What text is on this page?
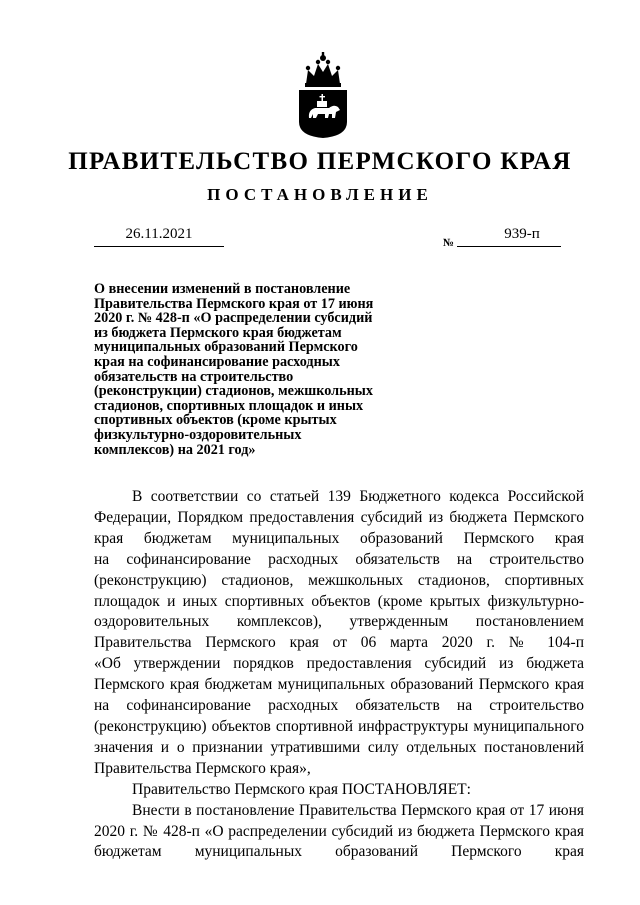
ПРАВИТЕЛЬСТВО ПЕРМСКОГО КРАЯ
ПОСТАНОВЛЕНИЕ
26.11.2021
№
939-п
О внесении изменений в постановление
Правительства Пермского края от 17 июня
2020 г. № 428-п «О распределении субсидий
из бюджета Пермского края бюджетам
муниципальных образований Пермского
края на софинансирование расходных
обязательств на строительство
(реконструкции) стадионов, межшкольных
стадионов, спортивных площадок и иных
спортивных объектов (кроме крытых
физкультурно-оздоровительных
комплексов) на 2021 год»

В соответствии со статьей 139 Бюджетного кодекса Российской

Федерации, Порядком предоставления субсидий из бюджета Пермского

края бюджетам муниципальных образований Пермского края

на софинансирование расходных обязательств на строительство

(реконструкцию) стадионов, межшкольных стадионов, спортивных

площадок и иных спортивных объектов (кроме крытых физкультурно-

оздоровительных комплексов), утвержденным постановлением

Правительства Пермского края от 06 марта 2020 г. № 104-п

«Об утверждении порядков предоставления субсидий из бюджета

Пермского края бюджетам муниципальных образований Пермского края

на софинансирование расходных обязательств на строительство

(реконструкцию) объектов спортивной инфраструктуры муниципального

значения и о признании утратившими силу отдельных постановлений

Правительства Пермского края»,

Правительство Пермского края ПОСТАНОВЛЯЕТ:

Внести в постановление Правительства Пермского края от 17 июня

2020 г. № 428-п «О распределении субсидий из бюджета Пермского края

бюджетам муниципальных образований Пермского края
